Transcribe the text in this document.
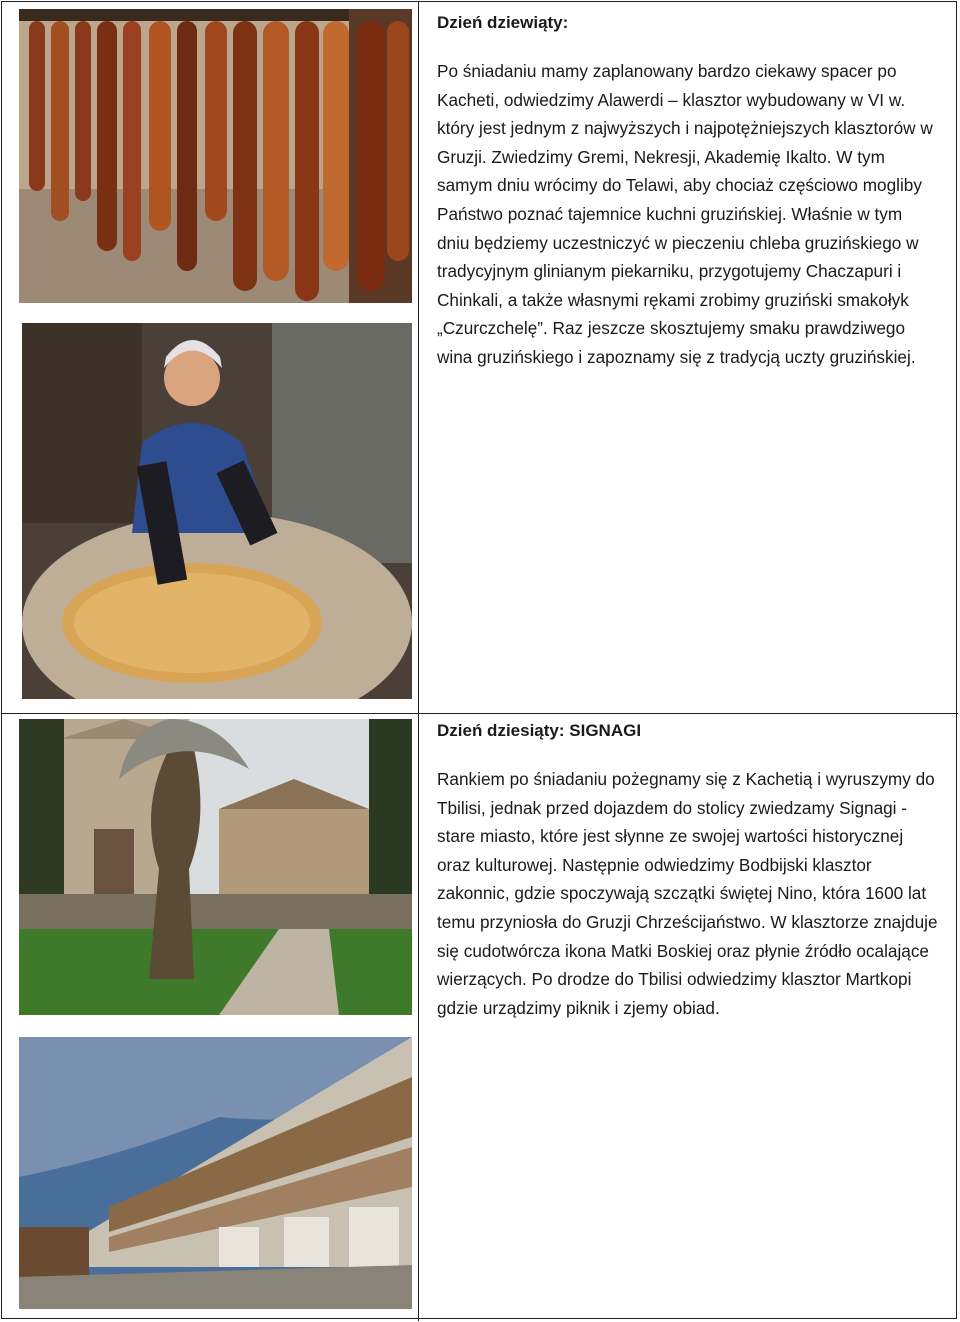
Dzień dziewiąty:

Po śniadaniu mamy zaplanowany bardzo ciekawy spacer po Kacheti, odwiedzimy Alawerdi – klasztor wybudowany w VI w. który jest jednym z najwyższych i najpotężniejszych klasztorów w Gruzji. Zwiedzimy Gremi, Nekresji, Akademię Ikalto. W tym samym dniu wrócimy do Telawi, aby chociaż częściowo mogliby Państwo poznać tajemnice kuchni gruzińskiej. Właśnie w tym dniu będziemy uczestniczyć w pieczeniu chleba gruzińskiego w tradycyjnym glinianym piekarniku, przygotujemy Chaczapuri i Chinkali, a także własnymi rękami zrobimy gruziński smakołyk „Czurczchelę”. Raz jeszcze skosztujemy smaku prawdziwego wina gruzińskiego i zapoznamy się z tradycją uczty gruzińskiej.

Dzień dziesiąty: SIGNAGI

Rankiem po śniadaniu pożegnamy się z Kachetią i wyruszymy do Tbilisi, jednak przed dojazdem do stolicy zwiedzamy Signagi - stare miasto, które jest słynne ze swojej wartości historycznej oraz kulturowej. Następnie odwiedzimy Bodbijski klasztor zakonnic, gdzie spoczywają szczątki świętej Nino, która 1600 lat temu przyniosła do Gruzji Chrześcijaństwo. W klasztorze znajduje się cudotwórcza ikona Matki Boskiej oraz płynie źródło ocalające wierzących. Po drodze do Tbilisi odwiedzimy klasztor Martkopi gdzie urządzimy piknik i zjemy obiad.
